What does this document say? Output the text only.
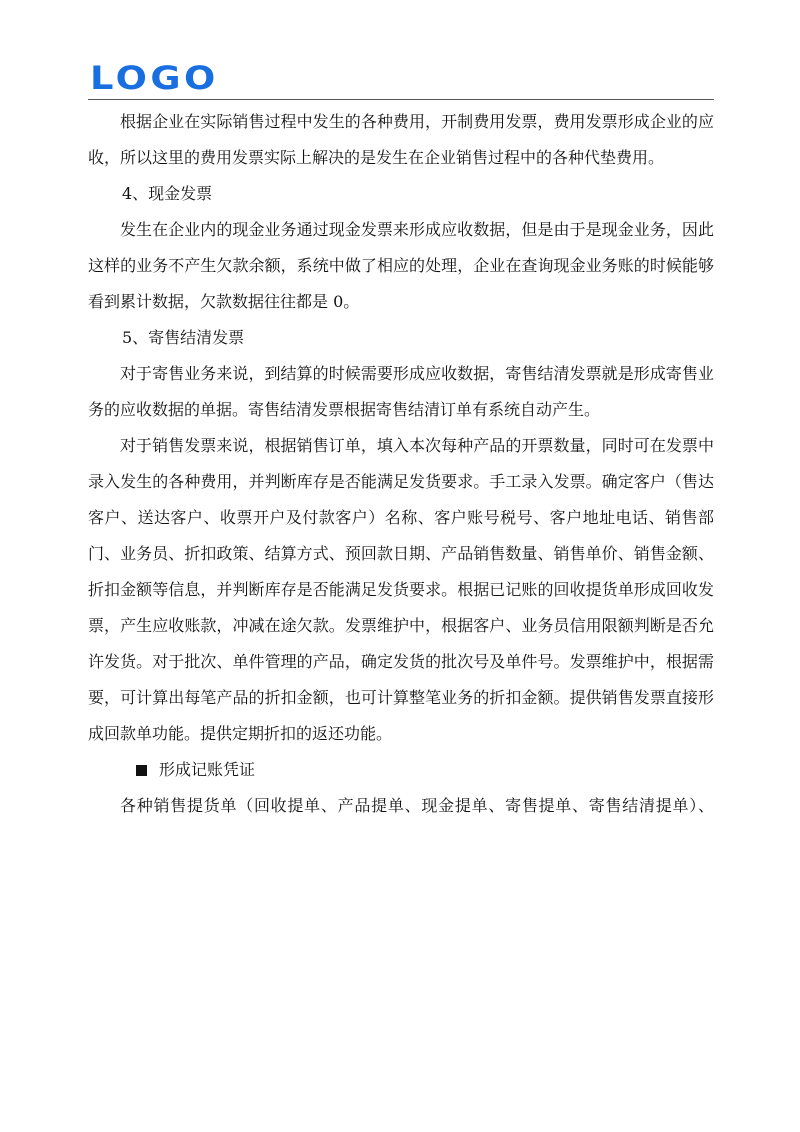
LOGO

根据企业在实际销售过程中发生的各种费用，开制费用发票，费用发票形成企业的应收，所以这里的费用发票实际上解决的是发生在企业销售过程中的各种代垫费用。

4、现金发票

发生在企业内的现金业务通过现金发票来形成应收数据，但是由于是现金业务，因此这样的业务不产生欠款余额，系统中做了相应的处理，企业在查询现金业务账的时候能够看到累计数据，欠款数据往往都是 0。

5、寄售结清发票

对于寄售业务来说，到结算的时候需要形成应收数据，寄售结清发票就是形成寄售业务的应收数据的单据。寄售结清发票根据寄售结清订单有系统自动产生。

对于销售发票来说，根据销售订单，填入本次每种产品的开票数量，同时可在发票中录入发生的各种费用，并判断库存是否能满足发货要求。手工录入发票。确定客户（售达客户、送达客户、收票开户及付款客户）名称、客户账号税号、客户地址电话、销售部门、业务员、折扣政策、结算方式、预回款日期、产品销售数量、销售单价、销售金额、折扣金额等信息，并判断库存是否能满足发货要求。根据已记账的回收提货单形成回收发票，产生应收账款，冲减在途欠款。发票维护中，根据客户、业务员信用限额判断是否允许发货。对于批次、单件管理的产品，确定发货的批次号及单件号。发票维护中，根据需要，可计算出每笔产品的折扣金额，也可计算整笔业务的折扣金额。提供销售发票直接形成回款单功能。提供定期折扣的返还功能。

形成记账凭证

各种销售提货单（回收提单、产品提单、现金提单、寄售提单、寄售结清提单）、
